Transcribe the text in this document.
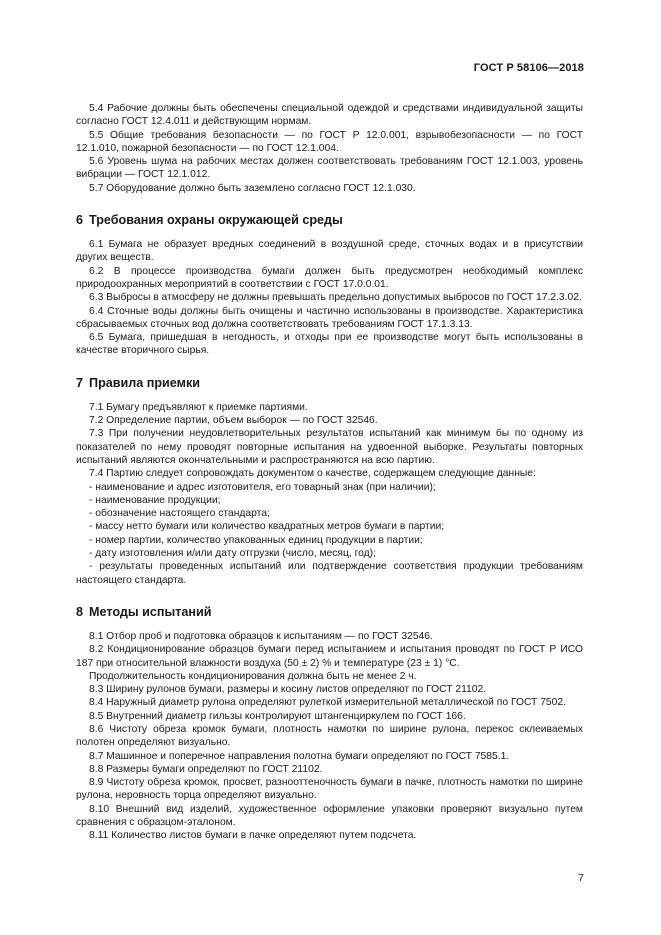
ГОСТ Р 58106—2018

5.4 Рабочие должны быть обеспечены специальной одеждой и средствами индивидуальной защиты согласно ГОСТ 12.4.011 и действующим нормам.

5.5 Общие требования безопасности — по ГОСТ Р 12.0.001, взрывобезопасности — по ГОСТ 12.1.010, пожарной безопасности — по ГОСТ 12.1.004.

5.6 Уровень шума на рабочих местах должен соответствовать требованиям ГОСТ 12.1.003, уровень вибрации — ГОСТ 12.1.012.

5.7 Оборудование должно быть заземлено согласно ГОСТ 12.1.030.

6 Требования охраны окружающей среды

6.1 Бумага не образует вредных соединений в воздушной среде, сточных водах и в присутствии других веществ.

6.2 В процессе производства бумаги должен быть предусмотрен необходимый комплекс природоохранных мероприятий в соответствии с ГОСТ 17.0.0.01.

6.3 Выбросы в атмосферу не должны превышать предельно допустимых выбросов по ГОСТ 17.2.3.02.

6.4 Сточные воды должны быть очищены и частично использованы в производстве. Характеристика сбрасываемых сточных вод должна соответствовать требованиям ГОСТ 17.1.3.13.

6.5 Бумага, пришедшая в негодность, и отходы при ее производстве могут быть использованы в качестве вторичного сырья.

7 Правила приемки

7.1 Бумагу предъявляют к приемке партиями.

7.2 Определение партии, объем выборок — по ГОСТ 32546.

7.3 При получении неудовлетворительных результатов испытаний как минимум бы по одному из показателей по нему проводят повторные испытания на удвоенной выборке. Результаты повторных испытаний являются окончательными и распространяются на всю партию.

7.4 Партию следует сопровождать документом о качестве, содержащем следующие данные:

- наименование и адрес изготовителя, его товарный знак (при наличии);

- наименование продукции;

- обозначение настоящего стандарта;

- массу нетто бумаги или количество квадратных метров бумаги в партии;

- номер партии, количество упакованных единиц продукции в партии;

- дату изготовления и/или дату отгрузки (число, месяц, год);

- результаты проведенных испытаний или подтверждение соответствия продукции требованиям настоящего стандарта.

8 Методы испытаний

8.1 Отбор проб и подготовка образцов к испытаниям — по ГОСТ 32546.

8.2 Кондиционирование образцов бумаги перед испытанием и испытания проводят по ГОСТ Р ИСО 187 при относительной влажности воздуха (50 ± 2) % и температуре (23 ± 1) °С.

Продолжительность кондиционирования должна быть не менее 2 ч.

8.3 Ширину рулонов бумаги, размеры и косину листов определяют по ГОСТ 21102.

8.4 Наружный диаметр рулона определяют рулеткой измерительной металлической по ГОСТ 7502.

8.5 Внутренний диаметр гильзы контролируют штангенциркулем по ГОСТ 166.

8.6 Чистоту обреза кромок бумаги, плотность намотки по ширине рулона, перекос склеиваемых полотен определяют визуально.

8.7 Машинное и поперечное направления полотна бумаги определяют по ГОСТ 7585.1.

8.8 Размеры бумаги определяют по ГОСТ 21102.

8.9 Чистоту обреза кромок, просвет, разнооттеночность бумаги в пачке, плотность намотки по ширине рулона, неровность торца определяют визуально.

8.10 Внешний вид изделий, художественное оформление упаковки проверяют визуально путем сравнения с образцом-эталоном.

8.11 Количество листов бумаги в пачке определяют путем подсчета.

7
